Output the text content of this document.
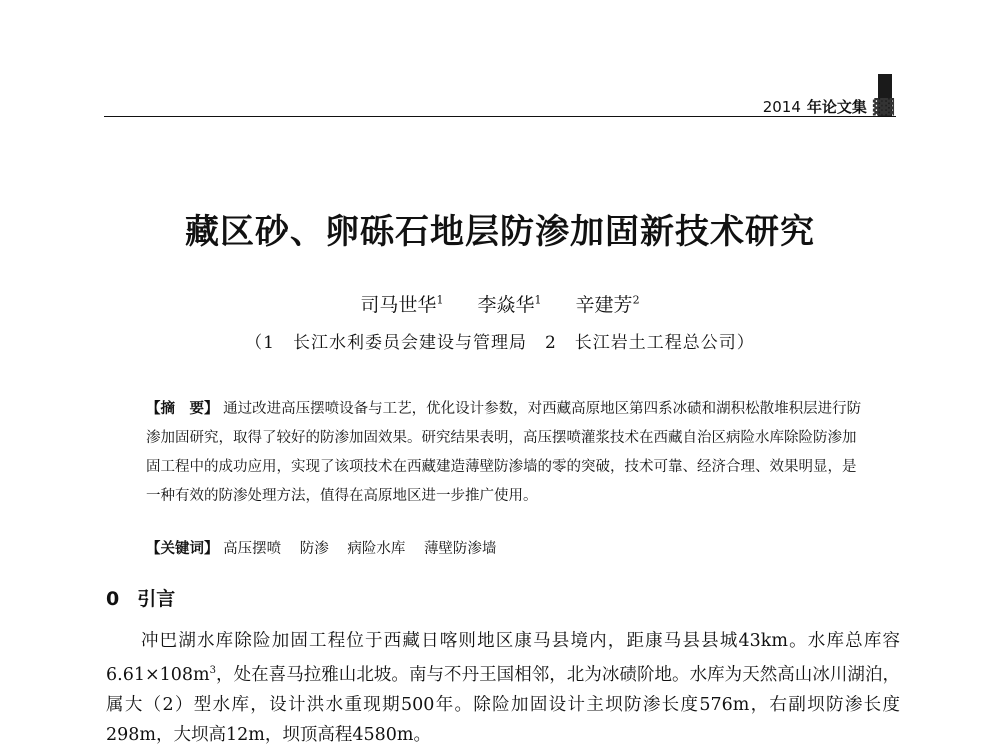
2014 年论文集 ▓▓
藏区砂、卵砾石地层防渗加固新技术研究
司马世华$^1$ 李焱华$^1$ 辛建芳$^2$
（1　长江水利委员会建设与管理局　2　长江岩土工程总公司）
【摘　要】 通过改进高压摆喷设备与工艺，优化设计参数，对西藏高原地区第四系冰碛和湖积松散堆积层进行防渗加固研究，取得了较好的防渗加固效果。研究结果表明，高压摆喷灌浆技术在西藏自治区病险水库除险防渗加固工程中的成功应用，实现了该项技术在西藏建造薄壁防渗墙的零的突破，技术可靠、经济合理、效果明显，是一种有效的防渗处理方法，值得在高原地区进一步推广使用。
【关键词】 高压摆喷 防渗 病险水库 薄壁防渗墙
0 引言
冲巴湖水库除险加固工程位于西藏日喀则地区康马县境内，距康马县县城43km。水库总库容$6.61\times 108m^3$，处在喜马拉雅山北坡。南与不丹王国相邻，北为冰碛阶地。水库为天然高山冰川湖泊，属大（2）型水库，设计洪水重现期500年。除险加固设计主坝防渗长度576m，右副坝防渗长度298m，大坝高12m，坝顶高程4580m。
